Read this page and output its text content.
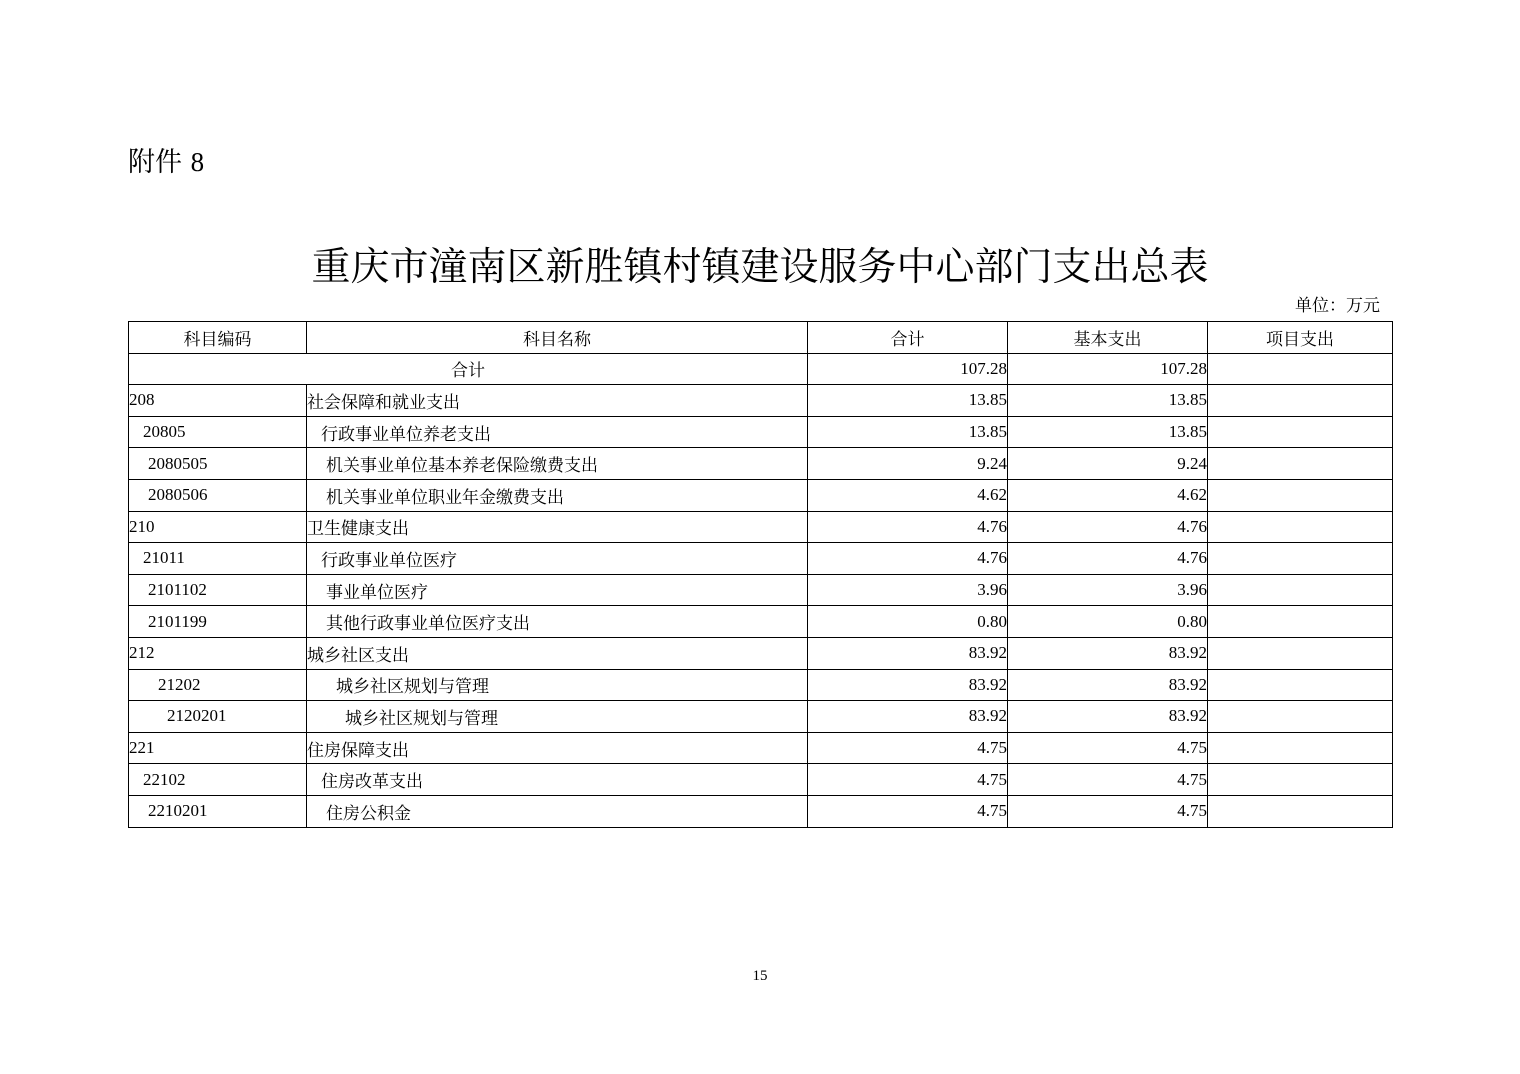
附件 8
重庆市潼南区新胜镇村镇建设服务中心部门支出总表
单位：万元
科目编码	科目名称	合计	基本支出	项目支出
合计		107.28	107.28	
208	社会保障和就业支出	13.85	13.85	
20805	行政事业单位养老支出	13.85	13.85	
2080505	机关事业单位基本养老保险缴费支出	9.24	9.24	
2080506	机关事业单位职业年金缴费支出	4.62	4.62	
210	卫生健康支出	4.76	4.76	
21011	行政事业单位医疗	4.76	4.76	
2101102	事业单位医疗	3.96	3.96	
2101199	其他行政事业单位医疗支出	0.80	0.80	
212	城乡社区支出	83.92	83.92	
21202	城乡社区规划与管理	83.92	83.92	
2120201	城乡社区规划与管理	83.92	83.92	
221	住房保障支出	4.75	4.75	
22102	住房改革支出	4.75	4.75	
2210201	住房公积金	4.75	4.75	
15
